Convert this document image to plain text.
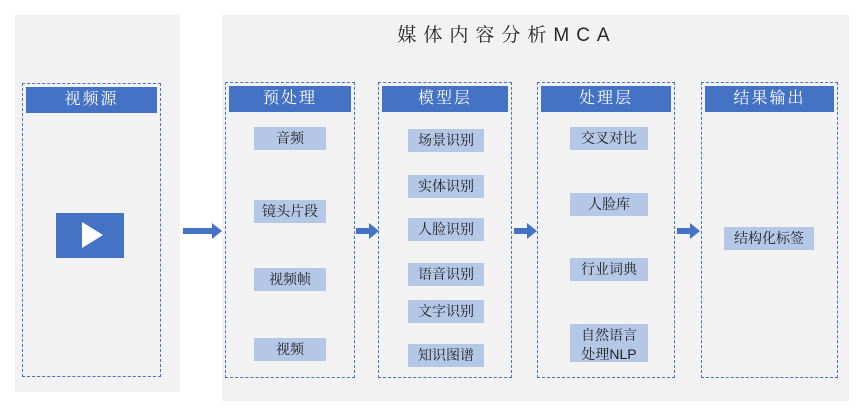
媒体内容分析MCA
视频源	预处理
音频
镜头片段
视频帧
视频
模型层
场景识别
实体识别
人脸识别
语音识别
文字识别
知识图谱
处理层
交叉对比
人脸库
行业词典
自然语言
处理NLP
结果输出
结构化标签
